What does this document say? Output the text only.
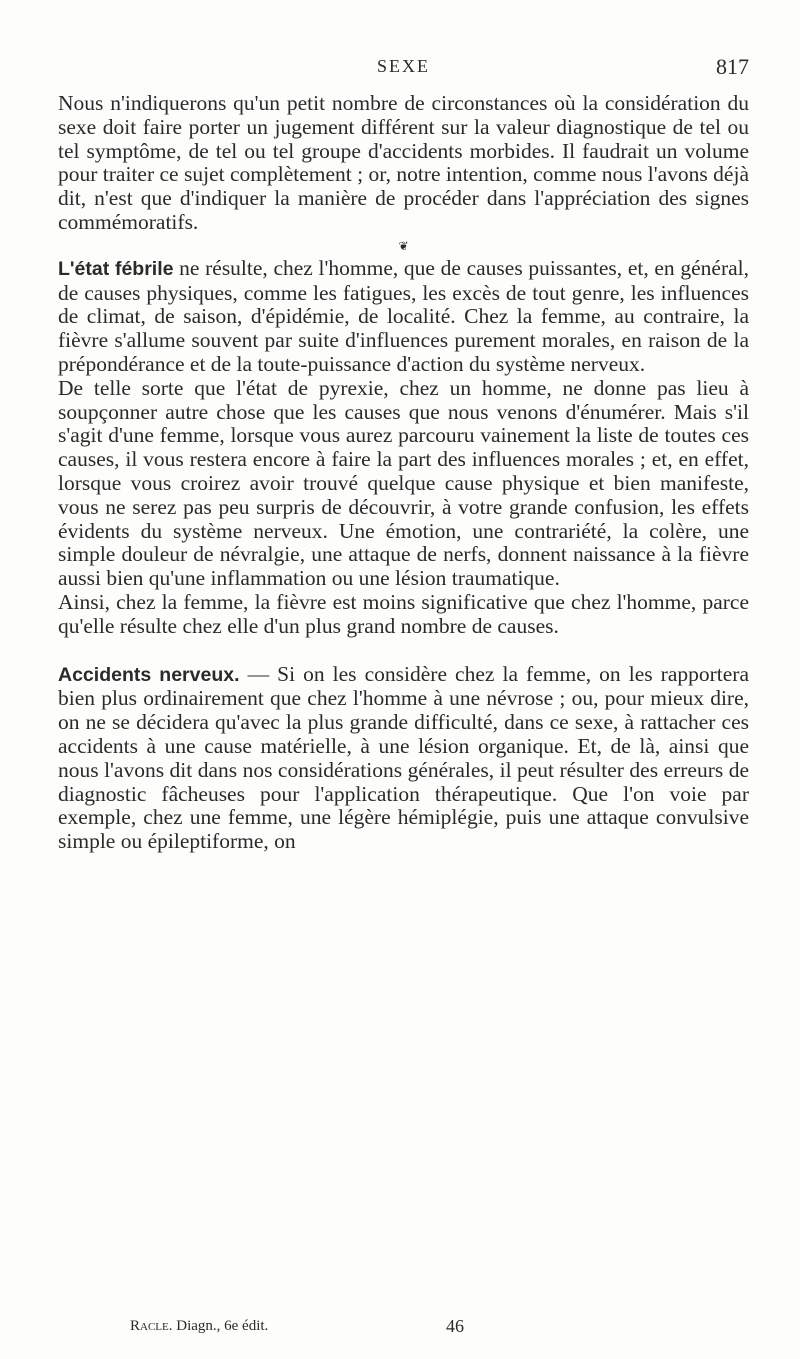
SEXE	817

Nous n'indiquerons qu'un petit nombre de circonstances où la considération du sexe doit faire porter un jugement différent sur la valeur diagnostique de tel ou tel symptôme, de tel ou tel groupe d'accidents morbides. Il faudrait un volume pour traiter ce sujet complètement ; or, notre intention, comme nous l'avons déjà dit, n'est que d'indiquer la manière de procéder dans l'appréciation des signes commémoratifs.

❦

L'état fébrile ne résulte, chez l'homme, que de causes puissantes, et, en général, de causes physiques, comme les fatigues, les excès de tout genre, les influences de climat, de saison, d'épidémie, de localité. Chez la femme, au contraire, la fièvre s'allume souvent par suite d'influences purement morales, en raison de la prépondérance et de la toute-puissance d'action du système nerveux.

De telle sorte que l'état de pyrexie, chez un homme, ne donne pas lieu à soupçonner autre chose que les causes que nous venons d'énumérer. Mais s'il s'agit d'une femme, lorsque vous aurez parcouru vainement la liste de toutes ces causes, il vous restera encore à faire la part des influences morales ; et, en effet, lorsque vous croirez avoir trouvé quelque cause physique et bien manifeste, vous ne serez pas peu surpris de découvrir, à votre grande confusion, les effets évidents du système nerveux. Une émotion, une contrariété, la colère, une simple douleur de névralgie, une attaque de nerfs, donnent naissance à la fièvre aussi bien qu'une inflammation ou une lésion traumatique.

Ainsi, chez la femme, la fièvre est moins significative que chez l'homme, parce qu'elle résulte chez elle d'un plus grand nombre de causes.

Accidents nerveux. — Si on les considère chez la femme, on les rapportera bien plus ordinairement que chez l'homme à une névrose ; ou, pour mieux dire, on ne se décidera qu'avec la plus grande difficulté, dans ce sexe, à rattacher ces accidents à une cause matérielle, à une lésion organique. Et, de là, ainsi que nous l'avons dit dans nos considérations générales, il peut résulter des erreurs de diagnostic fâcheuses pour l'application thérapeutique. Que l'on voie par exemple, chez une femme, une légère hémiplégie, puis une attaque convulsive simple ou épileptiforme, on

Racle. Diagn., 6e édit.	46
